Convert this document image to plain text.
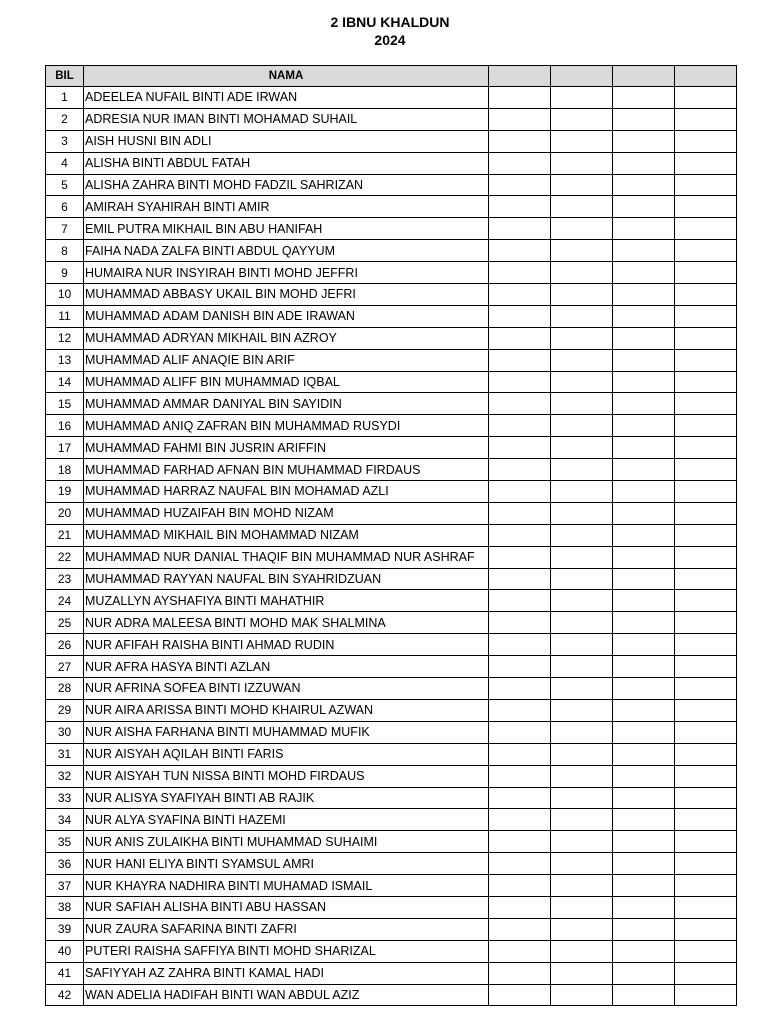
2 IBNU KHALDUN
2024
BIL	NAMA				
1	ADEELEA NUFAIL BINTI ADE IRWAN				
2	ADRESIA NUR IMAN BINTI MOHAMAD SUHAIL				
3	AISH HUSNI BIN ADLI				
4	ALISHA BINTI ABDUL FATAH				
5	ALISHA ZAHRA BINTI MOHD FADZIL SAHRIZAN				
6	AMIRAH SYAHIRAH BINTI AMIR				
7	EMIL PUTRA MIKHAIL BIN ABU HANIFAH				
8	FAIHA NADA ZALFA BINTI ABDUL QAYYUM				
9	HUMAIRA NUR INSYIRAH BINTI MOHD JEFFRI				
10	MUHAMMAD ABBASY UKAIL BIN MOHD JEFRI				
11	MUHAMMAD ADAM DANISH BIN ADE IRAWAN				
12	MUHAMMAD ADRYAN MIKHAIL BIN AZROY				
13	MUHAMMAD ALIF ANAQIE BIN ARIF				
14	MUHAMMAD ALIFF BIN MUHAMMAD IQBAL				
15	MUHAMMAD AMMAR DANIYAL BIN SAYIDIN				
16	MUHAMMAD ANIQ ZAFRAN BIN MUHAMMAD RUSYDI				
17	MUHAMMAD FAHMI BIN JUSRIN ARIFFIN				
18	MUHAMMAD FARHAD AFNAN BIN MUHAMMAD FIRDAUS				
19	MUHAMMAD HARRAZ NAUFAL BIN MOHAMAD AZLI				
20	MUHAMMAD HUZAIFAH BIN MOHD NIZAM				
21	MUHAMMAD MIKHAIL BIN MOHAMMAD NIZAM				
22	MUHAMMAD NUR DANIAL THAQIF BIN MUHAMMAD NUR ASHRAF				
23	MUHAMMAD RAYYAN NAUFAL BIN SYAHRIDZUAN				
24	MUZALLYN AYSHAFIYA BINTI MAHATHIR				
25	NUR ADRA MALEESA BINTI MOHD MAK SHALMINA				
26	NUR AFIFAH RAISHA BINTI AHMAD RUDIN				
27	NUR AFRA HASYA BINTI AZLAN				
28	NUR AFRINA SOFEA BINTI IZZUWAN				
29	NUR AIRA ARISSA BINTI MOHD KHAIRUL AZWAN				
30	NUR AISHA FARHANA BINTI MUHAMMAD MUFIK				
31	NUR AISYAH AQILAH BINTI FARIS				
32	NUR AISYAH TUN NISSA BINTI MOHD FIRDAUS				
33	NUR ALISYA SYAFIYAH BINTI AB RAJIK				
34	NUR ALYA SYAFINA BINTI HAZEMI				
35	NUR ANIS ZULAIKHA BINTI MUHAMMAD SUHAIMI				
36	NUR HANI ELIYA BINTI SYAMSUL AMRI				
37	NUR KHAYRA NADHIRA BINTI MUHAMAD ISMAIL				
38	NUR SAFIAH ALISHA BINTI ABU HASSAN				
39	NUR ZAURA SAFARINA BINTI ZAFRI				
40	PUTERI RAISHA SAFFIYA BINTI MOHD SHARIZAL				
41	SAFIYYAH AZ ZAHRA BINTI KAMAL HADI				
42	WAN ADELIA HADIFAH BINTI WAN ABDUL AZIZ				
